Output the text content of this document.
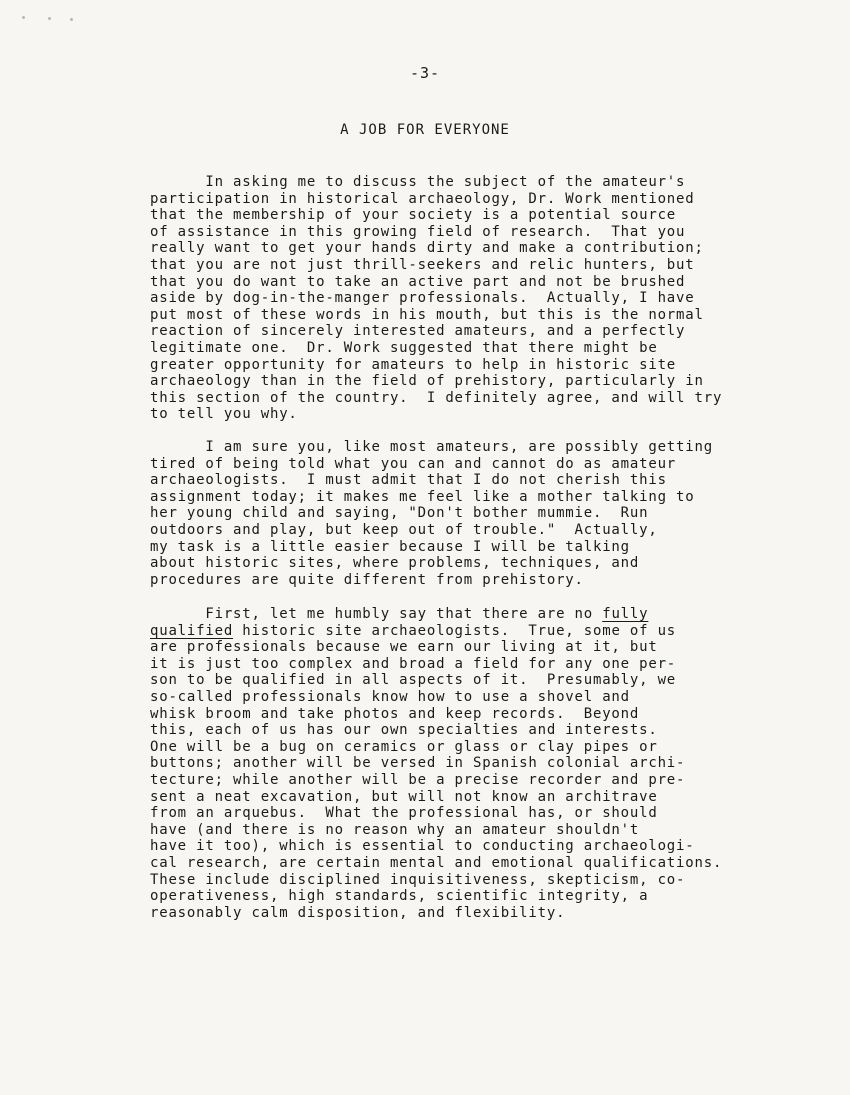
-3-
A JOB FOR EVERYONE
In asking me to discuss the subject of the amateur's
participation in historical archaeology, Dr. Work mentioned
that the membership of your society is a potential source
of assistance in this growing field of research.  That you
really want to get your hands dirty and make a contribution;
that you are not just thrill-seekers and relic hunters, but
that you do want to take an active part and not be brushed
aside by dog-in-the-manger professionals.  Actually, I have
put most of these words in his mouth, but this is the normal
reaction of sincerely interested amateurs, and a perfectly
legitimate one.  Dr. Work suggested that there might be
greater opportunity for amateurs to help in historic site
archaeology than in the field of prehistory, particularly in
this section of the country.  I definitely agree, and will try
to tell you why.
I am sure you, like most amateurs, are possibly getting
tired of being told what you can and cannot do as amateur
archaeologists.  I must admit that I do not cherish this
assignment today; it makes me feel like a mother talking to
her young child and saying, "Don't bother mummie.  Run
outdoors and play, but keep out of trouble."  Actually,
my task is a little easier because I will be talking
about historic sites, where problems, techniques, and
procedures are quite different from prehistory.
First, let me humbly say that there are no fully
qualified historic site archaeologists.  True, some of us
are professionals because we earn our living at it, but
it is just too complex and broad a field for any one per-
son to be qualified in all aspects of it.  Presumably, we
so-called professionals know how to use a shovel and
whisk broom and take photos and keep records.  Beyond
this, each of us has our own specialties and interests.
One will be a bug on ceramics or glass or clay pipes or
buttons; another will be versed in Spanish colonial archi-
tecture; while another will be a precise recorder and pre-
sent a neat excavation, but will not know an architrave
from an arquebus.  What the professional has, or should
have (and there is no reason why an amateur shouldn't
have it too), which is essential to conducting archaeologi-
cal research, are certain mental and emotional qualifications.
These include disciplined inquisitiveness, skepticism, co-
operativeness, high standards, scientific integrity, a
reasonably calm disposition, and flexibility.
